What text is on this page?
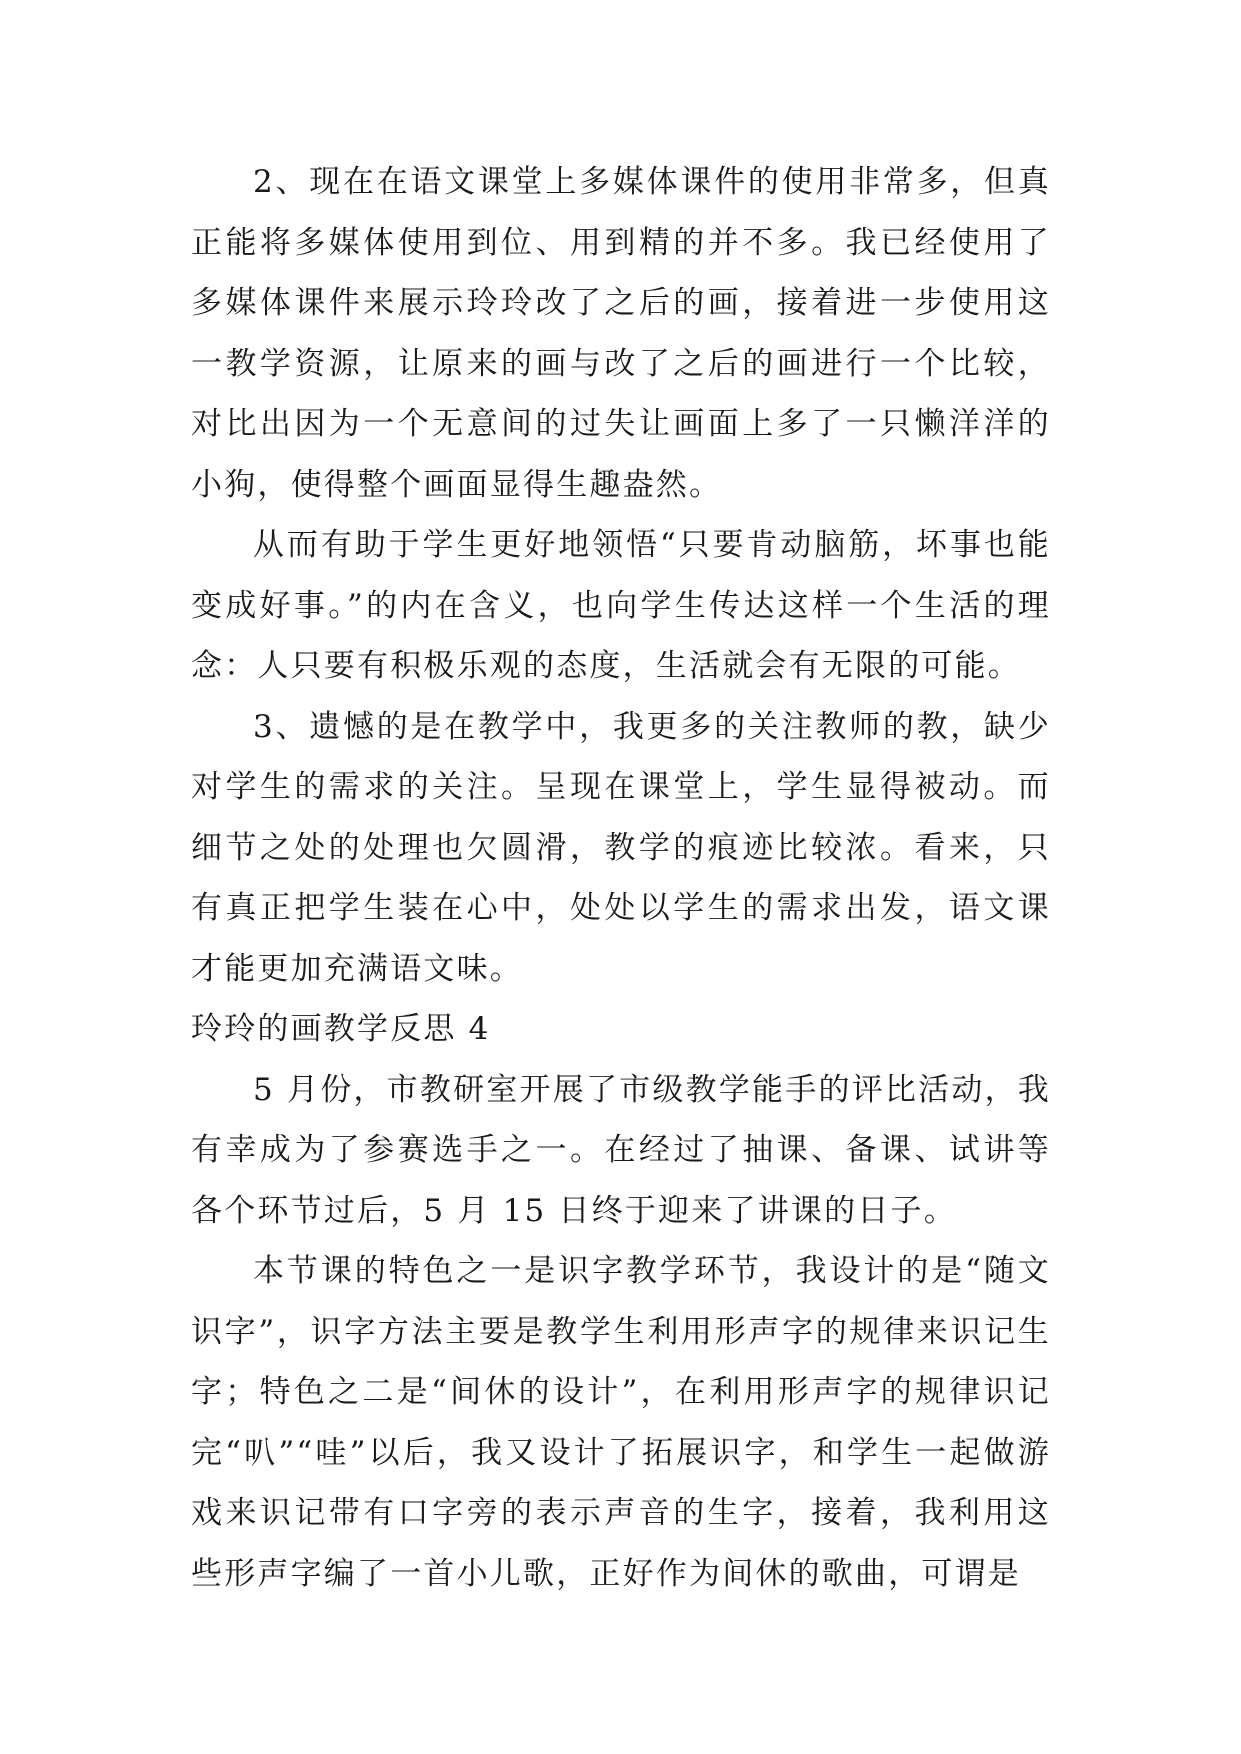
2、现在在语文课堂上多媒体课件的使用非常多，但真正能将多媒体使用到位、用到精的并不多。我已经使用了多媒体课件来展示玲玲改了之后的画，接着进一步使用这一教学资源，让原来的画与改了之后的画进行一个比较，对比出因为一个无意间的过失让画面上多了一只懒洋洋的小狗，使得整个画面显得生趣盎然。

从而有助于学生更好地领悟“只要肯动脑筋，坏事也能变成好事。”的内在含义，也向学生传达这样一个生活的理念：人只要有积极乐观的态度，生活就会有无限的可能。

3、遗憾的是在教学中，我更多的关注教师的教，缺少对学生的需求的关注。呈现在课堂上，学生显得被动。而细节之处的处理也欠圆滑，教学的痕迹比较浓。看来，只有真正把学生装在心中，处处以学生的需求出发，语文课才能更加充满语文味。

玲玲的画教学反思 4

5 月份，市教研室开展了市级教学能手的评比活动，我有幸成为了参赛选手之一。在经过了抽课、备课、试讲等各个环节过后，5 月 15 日终于迎来了讲课的日子。

本节课的特色之一是识字教学环节，我设计的是“随文识字”，识字方法主要是教学生利用形声字的规律来识记生字；特色之二是“间休的设计”，在利用形声字的规律识记完“叭”“哇”以后，我又设计了拓展识字，和学生一起做游戏来识记带有口字旁的表示声音的生字，接着，我利用这些形声字编了一首小儿歌，正好作为间休的歌曲，可谓是
